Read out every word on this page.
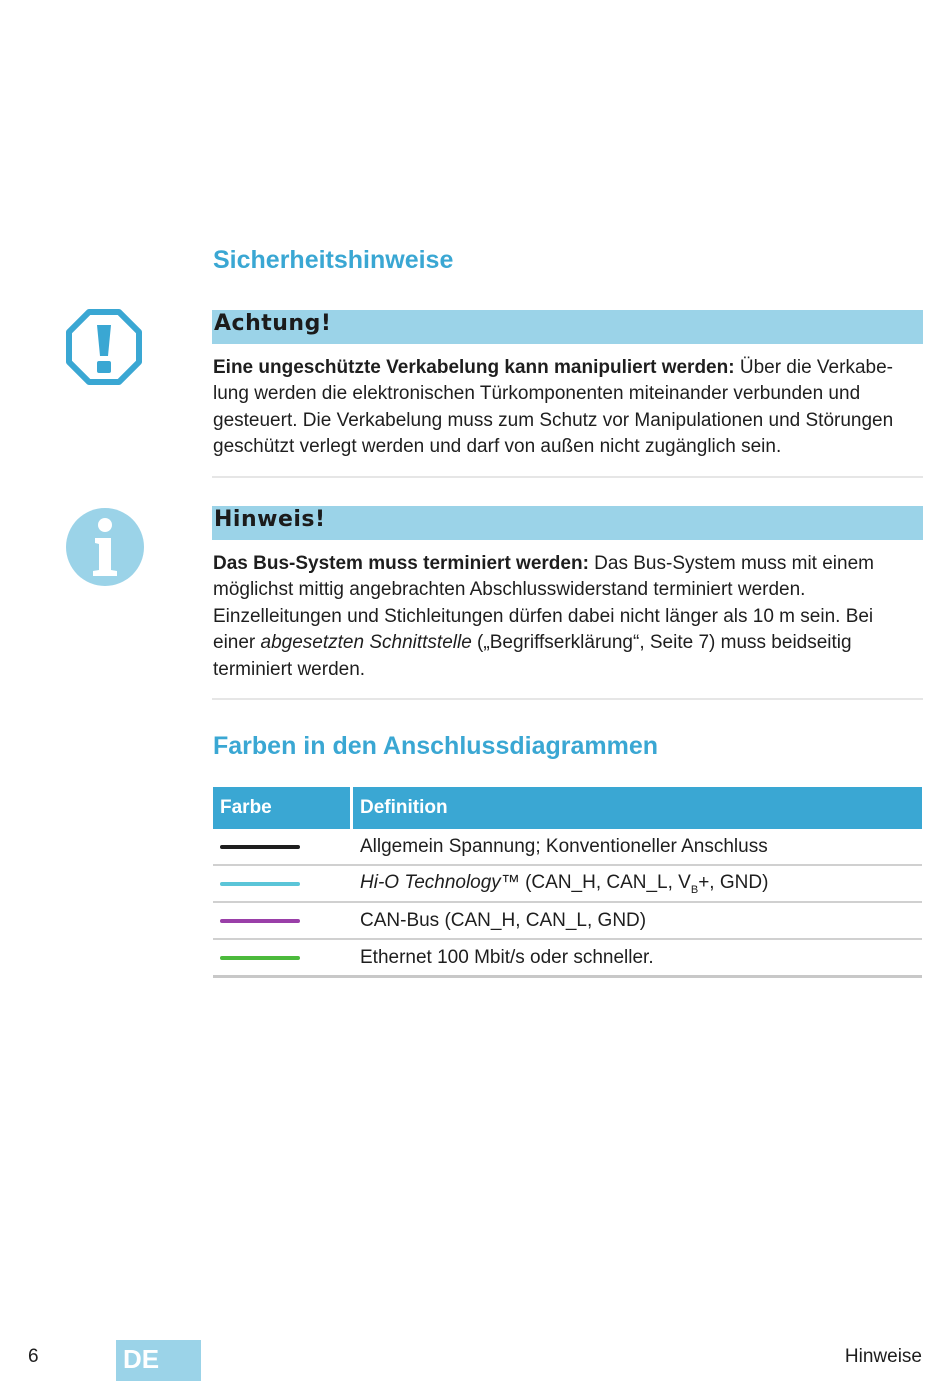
Sicherheitshinweise
Achtung!

Eine ungeschützte Verkabelung kann manipuliert werden: Über die Verkabe-
lung werden die elektronischen Türkomponenten miteinander verbunden und
gesteuert. Die Verkabelung muss zum Schutz vor Manipulationen und Störungen
geschützt verlegt werden und darf von außen nicht zugänglich sein.

Hinweis!

Das Bus-System muss terminiert werden: Das Bus-System muss mit einem
möglichst mittig angebrachten Abschlusswiderstand terminiert werden.
Einzelleitungen und Stichleitungen dürfen dabei nicht länger als 10 m sein. Bei
einer abgesetzten Schnittstelle („Begriffserklärung“, Seite 7) muss beidseitig
terminiert werden.

Farben in den Anschlussdiagrammen
Farbe	Definition

	Allgemein Spannung; Konventioneller Anschluss

	Hi-O Technology™ (CAN_H, CAN_L, $V_B+$, GND)

	CAN-Bus (CAN_H, CAN_L, GND)

	Ethernet 100 Mbit/s oder schneller.
6	DE	Hinweise
